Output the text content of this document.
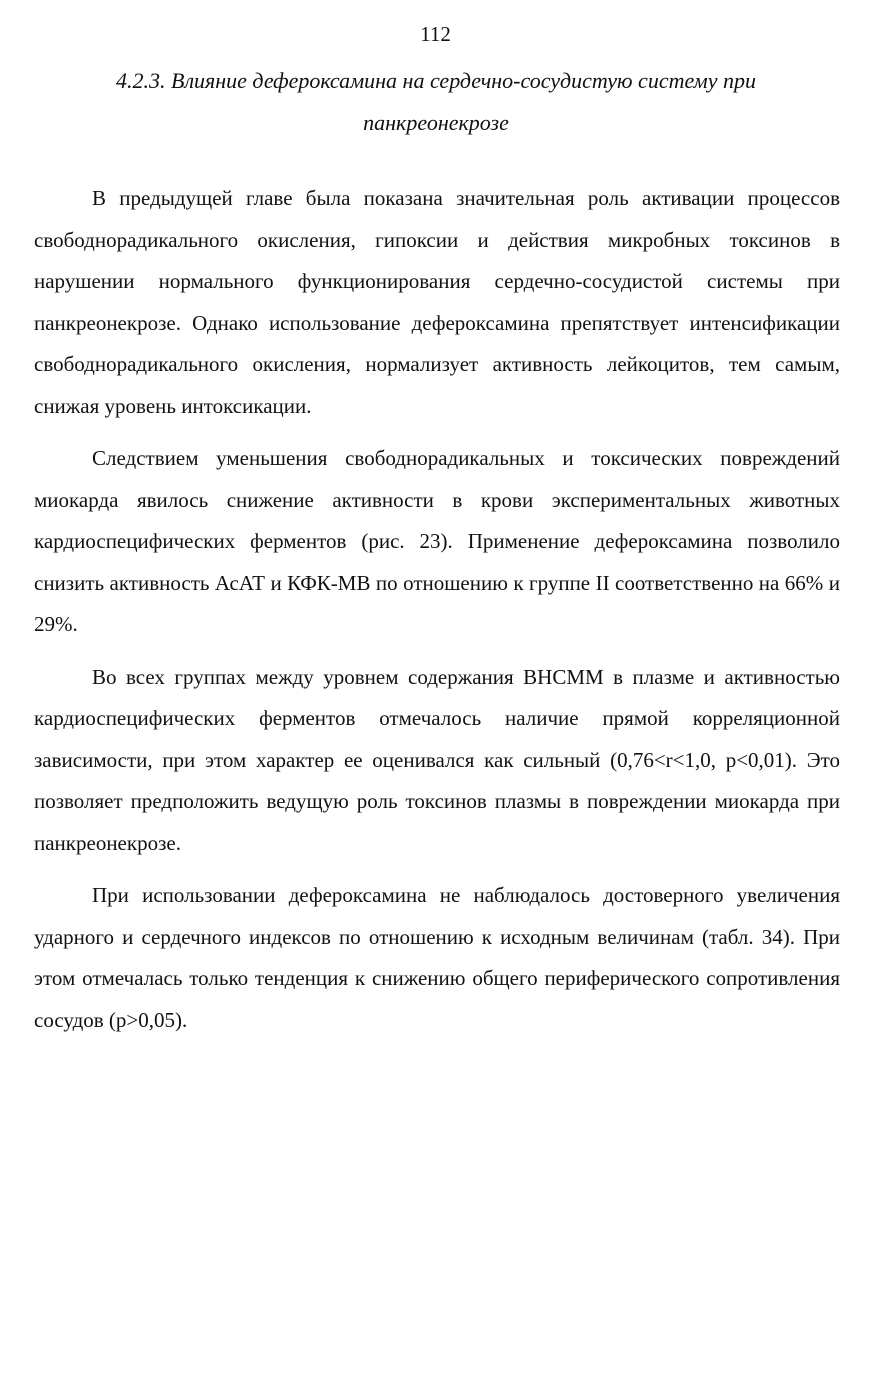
112
4.2.3. Влияние дефероксамина на сердечно-сосудистую систему при панкреонекрозе

В предыдущей главе была показана значительная роль активации процессов свободнорадикального окисления, гипоксии и действия микробных токсинов в нарушении нормального функционирования сердечно-сосудистой системы при панкреонекрозе. Однако использование дефероксамина препятствует интенсификации свободнорадикального окисления, нормализует активность лейкоцитов, тем самым, снижая уровень интоксикации.

Следствием уменьшения свободнорадикальных и токсических повреждений миокарда явилось снижение активности в крови экспериментальных животных кардиоспецифических ферментов (рис. 23). Применение дефероксамина позволило снизить активность АсАТ и КФК-МВ по отношению к группе II соответственно на 66% и 29%.

Во всех группах между уровнем содержания ВНСММ в плазме и активностью кардиоспецифических ферментов отмечалось наличие прямой корреляционной зависимости, при этом характер ее оценивался как сильный (0,76<r<1,0, p<0,01). Это позволяет предположить ведущую роль токсинов плазмы в повреждении миокарда при панкреонекрозе.

При использовании дефероксамина не наблюдалось достоверного увеличения ударного и сердечного индексов по отношению к исходным величинам (табл. 34). При этом отмечалась только тенденция к снижению общего периферического сопротивления сосудов (p>0,05).
